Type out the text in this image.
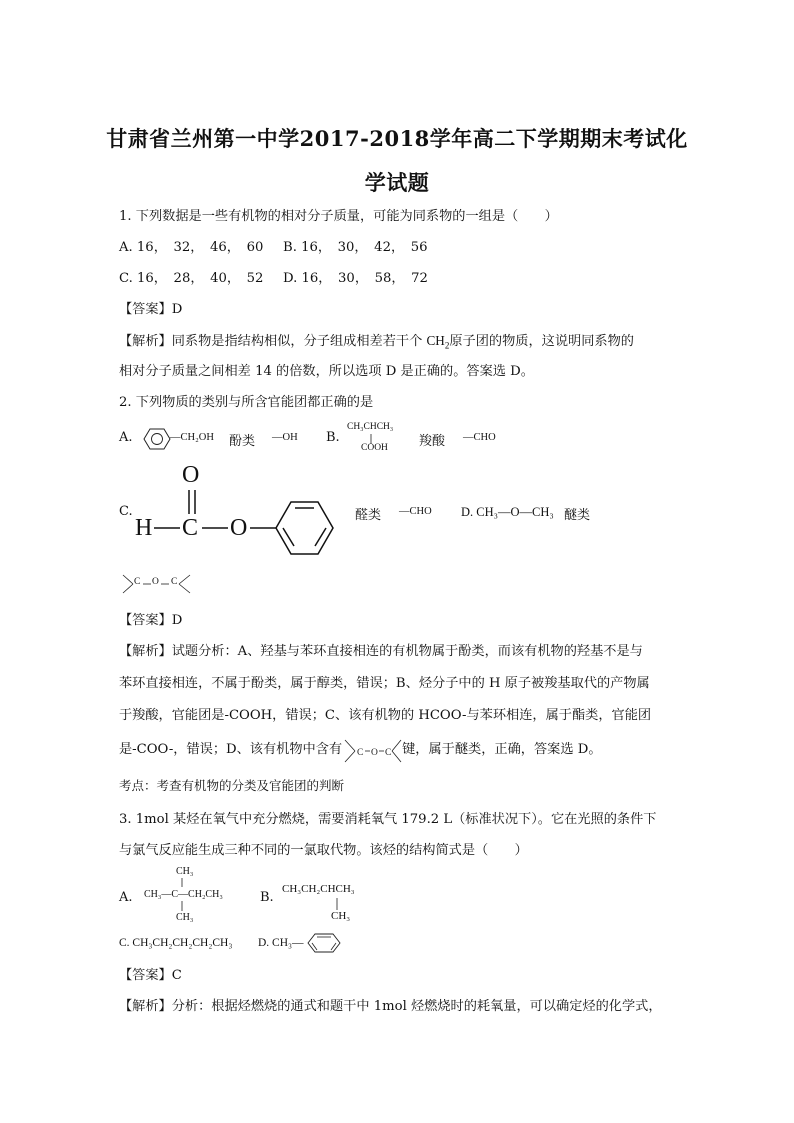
甘肃省兰州第一中学2017-2018学年高二下学期期末考试化
学试题
1. 下列数据是一些有机物的相对分子质量，可能为同系物的一组是（　　）
A. 16，　32，　46，　60 B. 16，　30，　42，　56
C. 16，　28，　40，　52 D. 16，　30，　58，　72
【答案】D
【解析】同系物是指结构相似，分子组成相差若干个 $CH_2$原子团的物质，这说明同系物的
相对分子质量之间相差 14 的倍数，所以选项 D 是正确的。答案选 D。
2. 下列物质的类别与所含官能团都正确的是
A.	—CH₂OH 酚类 —OH B.
CH₃CHCH₃
COOH 羧酸 —CHO
C.
H C O
O
醛类 —CHO D. CH₃—O—CH₃ 醚类
C O C
【答案】D
【解析】试题分析：A、羟基与苯环直接相连的有机物属于酚类，而该有机物的羟基不是与
苯环直接相连，不属于酚类，属于醇类，错误；B、烃分子中的 H 原子被羧基取代的产物属
于羧酸，官能团是-COOH，错误；C、该有机物的 HCOO-与苯环相连，属于酯类，官能团
是-COO-，错误；D、该有机物中含有	键，属于醚类，正确，答案选 D。
C O C
考点：考查有机物的分类及官能团的判断
3. 1mol 某烃在氧气中充分燃烧，需要消耗氧气 179.2 L（标准状况下）。它在光照的条件下
与氯气反应能生成三种不同的一氯取代物。该烃的结构简式是（　　）
A.
CH₃
CH₃—C—CH₂CH₃
CH₃
B.
CH₃CH₂CHCH₃
CH₃
C. CH₃CH₂CH₂CH₂CH₃ D. CH₃—
【答案】C
【解析】分析：根据烃燃烧的通式和题干中 1mol 烃燃烧时的耗氧量，可以确定烃的化学式，
